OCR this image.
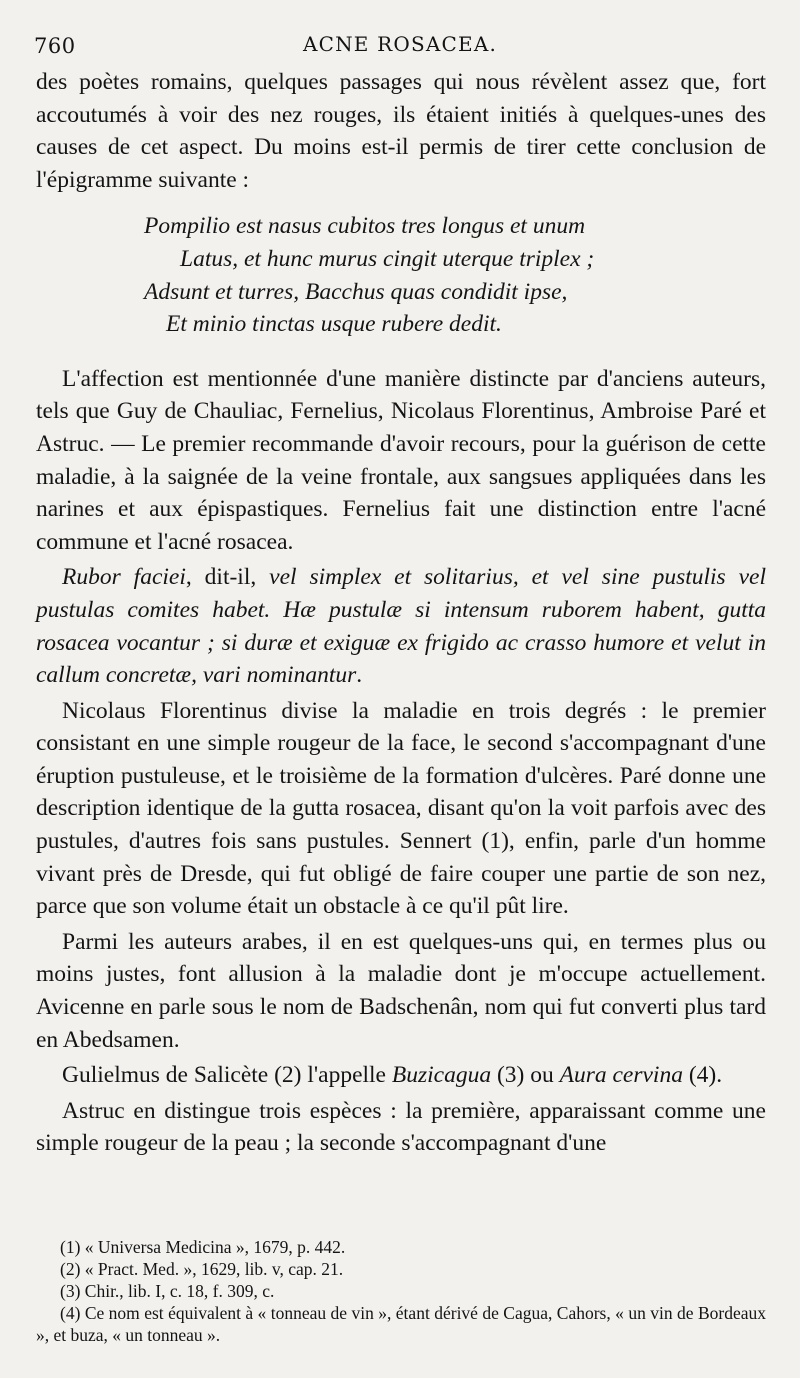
760	ACNE ROSACEA.

des poètes romains, quelques passages qui nous révèlent assez que, fort accoutumés à voir des nez rouges, ils étaient initiés à quelques-unes des causes de cet aspect. Du moins est-il permis de tirer cette conclusion de l'épigramme suivante :

Pompilio est nasus cubitos tres longus et unum
Latus, et hunc murus cingit uterque triplex ;
Adsunt et turres, Bacchus quas condidit ipse,
Et minio tinctas usque rubere dedit.

L'affection est mentionnée d'une manière distincte par d'anciens auteurs, tels que Guy de Chauliac, Fernelius, Nicolaus Florentinus, Ambroise Paré et Astruc. — Le premier recommande d'avoir recours, pour la guérison de cette maladie, à la saignée de la veine frontale, aux sangsues appliquées dans les narines et aux épispastiques. Fernelius fait une distinction entre l'acné commune et l'acné rosacea.

Rubor faciei, dit-il, vel simplex et solitarius, et vel sine pustulis vel pustulas comites habet. Hæ pustulæ si intensum ruborem habent, gutta rosacea vocantur ; si duræ et exiguæ ex frigido ac crasso humore et velut in callum concretæ, vari nominantur.

Nicolaus Florentinus divise la maladie en trois degrés : le premier consistant en une simple rougeur de la face, le second s'accompagnant d'une éruption pustuleuse, et le troisième de la formation d'ulcères. Paré donne une description identique de la gutta rosacea, disant qu'on la voit parfois avec des pustules, d'autres fois sans pustules. Sennert (1), enfin, parle d'un homme vivant près de Dresde, qui fut obligé de faire couper une partie de son nez, parce que son volume était un obstacle à ce qu'il pût lire.

Parmi les auteurs arabes, il en est quelques-uns qui, en termes plus ou moins justes, font allusion à la maladie dont je m'occupe actuellement. Avicenne en parle sous le nom de Badschenân, nom qui fut converti plus tard en Abedsamen.

Gulielmus de Salicète (2) l'appelle Buzicagua (3) ou Aura cervina (4).

Astruc en distingue trois espèces : la première, apparaissant comme une simple rougeur de la peau ; la seconde s'accompagnant d'une

(1) « Universa Medicina », 1679, p. 442.

(2) « Pract. Med. », 1629, lib. v, cap. 21.

(3) Chir., lib. I, c. 18, f. 309, c.

(4) Ce nom est équivalent à « tonneau de vin », étant dérivé de Cagua, Cahors, « un vin de Bordeaux », et buza, « un tonneau ».
